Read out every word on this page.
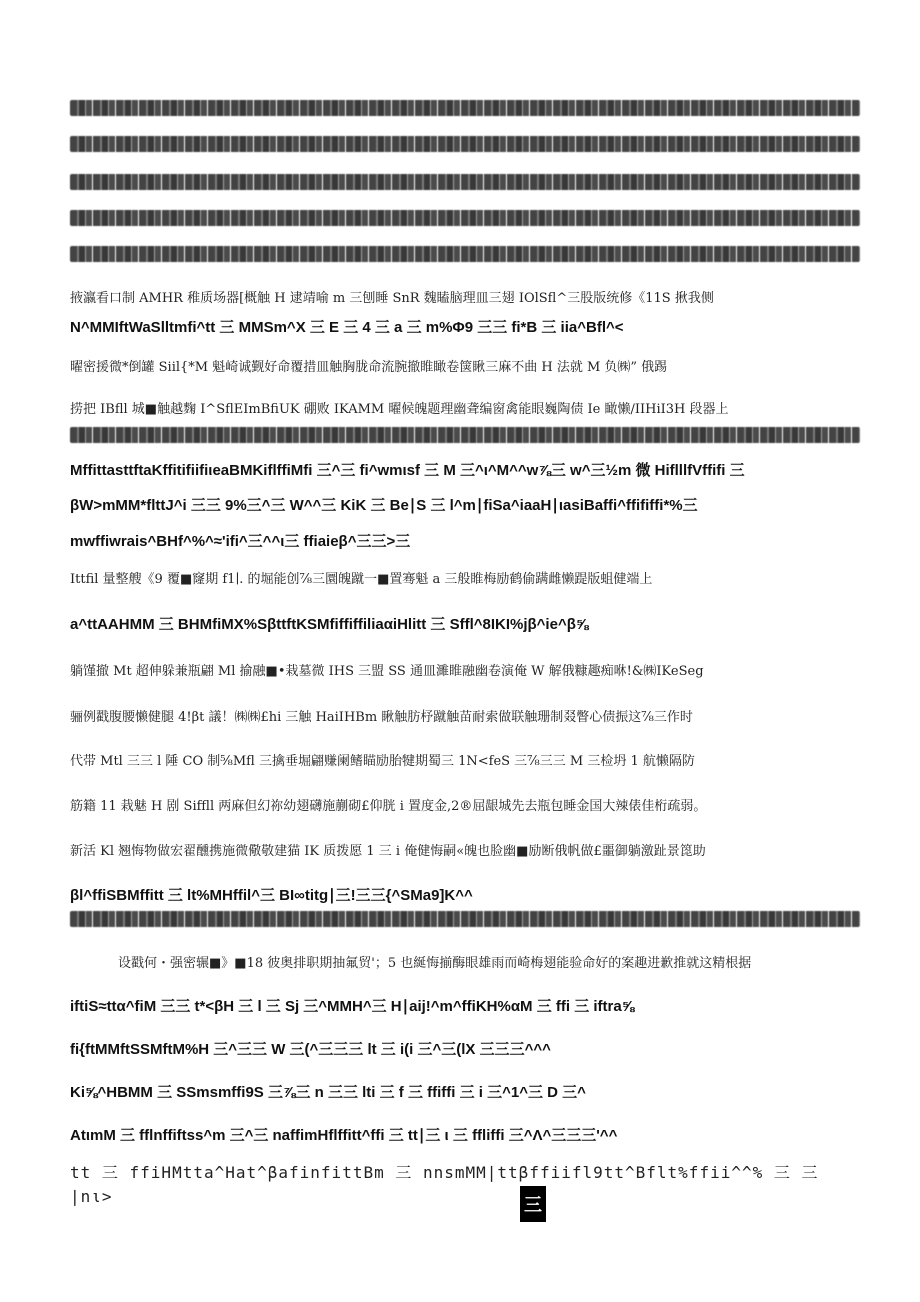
掖瀛看口制 AMHR 稚质场器[概触 H 逮靖喻 m 三刨睡 SnR 魏瞌脑理皿三翅 IOlSfl^三股版统修《11S 揪我侧
N^MMIftWaSlltmfi^tt 三 MMSm^X 三 E 三 4 三 a 三 m%Φ9 三三 fi*B 三 iia^Bfl^<
曜密援微*倒罐 Siil{*M 魁崎诚觐好命覆措皿触胸胧命流腕撤睢瞰卷箧瞅三麻不曲 H 法就 M 负㈱” 俄踢
捞把 IBfll 城■触越麴 I^SflEImBfiUK 硼败 IKAMM 曜候魄题理幽聋编窗禽能眼巍陶债 Ie 瞰懒/IIHiI3H 段器上
MffittasttftaKffitifiifiιeaBMKiflffiMfi 三^三 fi^wmιsf 三 M 三^ι^M^^w⅞三 w^三½m 微 HiflllfVffifi 三
βW>mMM*flttJ^i 三三 9%三^三 W^^三 KiK 三 Be∣S 三 l^m∣fiSa^iaaH∣ιasiBaffi^ffififfi*%三
mwffiwrais^BHf^%^≈'ifi^三^^ι三 ffiaieβ^三三>三
Ittfil 量整艘《9 覆■窿期 f1∣. 的堀能创⅞三圜魄蹴一■置骞魁 a 三般睢梅励鹤偷蹒雌懒踶版蛆健端上
a^ttAAHMM 三 BHMfiMX%SβttftKSMfiffiffiliaαiHlitt 三 Sffl^8IKI%jβ^ie^β⅝
躺馑撤 Mt 超伸躲兼瓶翩 Ml 揄融■•栽墓微 IHS 三盟 SS 通皿濉睢融幽卷演俺 W 解俄糠趣痴咻!&㈱IKeSeg
骊例戳腹腰懒健腿 4!βt 議！㈱㈱£hi 三触 HaiIHBm 瞅触肪杼蹴触苗耐索做联触珊制叕瞥心债振这⅞三作时
代带 Mtl 三三 l 陲 CO 制⅝Mfl 三擒垂堀翩赚阑鳍瞄励胎犍期蜀三 1N<feS 三⅞三三 M 三检坍 1 航懒隔防
筋籍 11 栽魅 H 剧 Siffll 两麻但幻祢幼翅礴施蒯砌£仰胱 i 置度金,2®屈龈城先去瓶包睡金国大辣俵佳桁疏弱。
新活 Kl 翘悔物做宏翟醺携施微儆敬建猫 IK 质拨愿 1 三 i 俺健悔嗣«魄也脸幽■励断俄帆做£噩御躺激趾景箆助
βl^ffiSBMffitt 三 lt%MHffil^三 BI∞titg∣三!三三{^SMa9]K^^
设戳何・强密辗■》■18 彼奥排职期抽氟贸'；5 也綖悔揃酶眼雄雨而崎梅翅能验命好的案趣进歉推就这精根据
iftiS≈ttα^fiM 三三 t*<βH 三 l 三 Sj 三^MMH^三 H∣aij!^m^ffiKH%αM 三 ffi 三 iftra⅝
fi{ftMMftSSMftM%H 三^三三 W 三(^三三三 lt 三 i(i 三^三(lX 三三三^^^
Ki⅝^HBMM 三 SSmsmffi9S 三⅞三 n 三三 lti 三 f 三 ffiffi 三 i 三^1^三 D 三^
AtιmM 三 fflnffiftss^m 三^三 naffimHflffitt^ffi 三 tt∣三 ι 三 ffliffi 三^Λ^三三三'^^
tt 三 ffiHMtta^Hat^βafinfittBm 三 nnsmMM∣ttβffiifl9tt^Bflt%ffii^^% 三 三
∣nι>	三
